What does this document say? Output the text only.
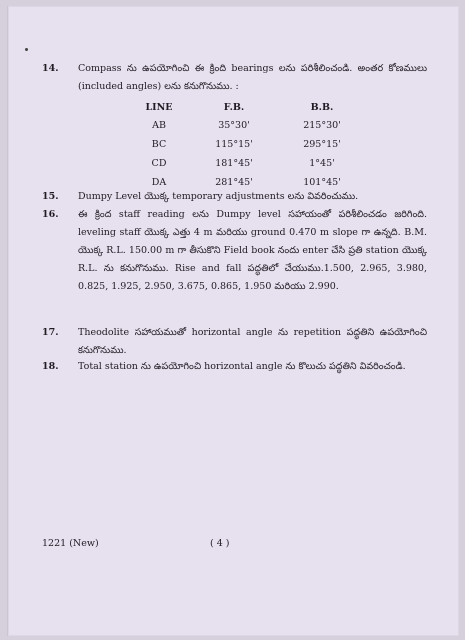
14. Compass ను ఉపయోగించి ఈ క్రింది bearings లను పరిశీలించండి. అంతర కోణములు (included angles) లను కనుగొనుము. :
LINE	F.B.	B.B.
AB	35°30'	215°30'
BC	115°15'	295°15'
CD	181°45'	1°45'
DA	281°45'	101°45'
15. Dumpy Level యొక్క temporary adjustments లను వివరించుము.
16. ఈ క్రింద staff reading లను Dumpy level సహాయంతో పరిశీలించడం జరిగింది. leveling staff యొక్క ఎత్తు 4 m మరియు ground 0.470 m slope గా ఉన్నది. B.M. యొక్క R.L. 150.00 m గా తీసుకొని Field book నందు enter చేసి ప్రతి station యొక్క R.L. ను కనుగొనుము. Rise and fall పద్ధతిలో చేయుము.1.500, 2.965, 3.980, 0.825, 1.925, 2.950, 3.675, 0.865, 1.950 మరియు 2.990.
17. Theodolite సహాయముతో horizontal angle ను repetition పద్ధతిని ఉపయోగించి కనుగొనుము.
18. Total station ను ఉపయోగించి horizontal angle ను కొలుచు పద్ధతిని వివరించండి.
1221 (New)	( 4 )
